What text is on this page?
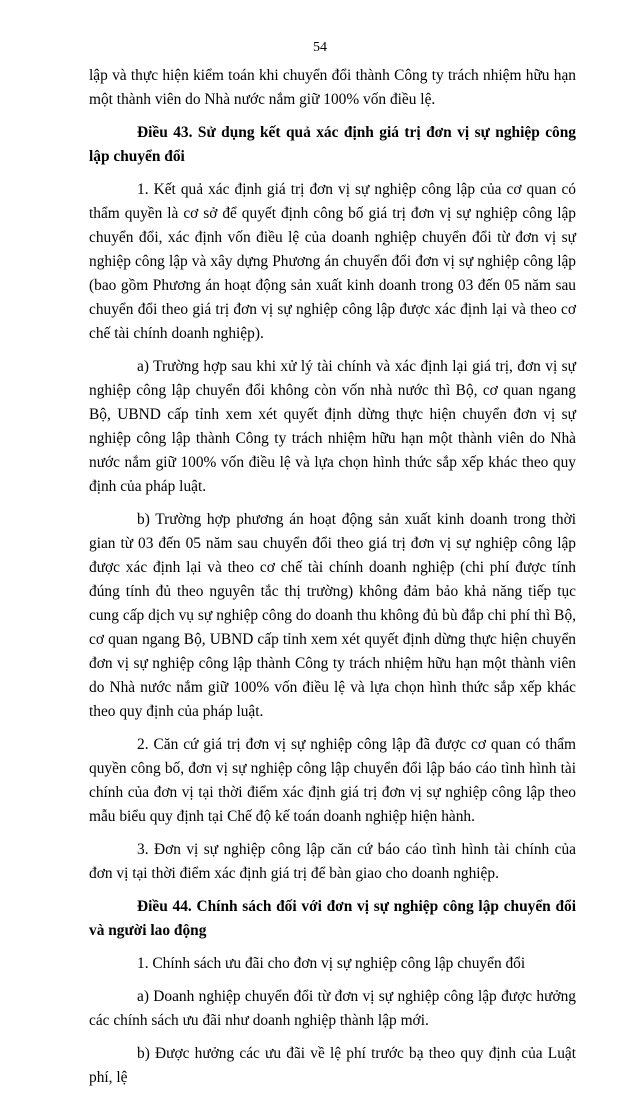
54

lập và thực hiện kiểm toán khi chuyển đổi thành Công ty trách nhiệm hữu hạn một thành viên do Nhà nước nắm giữ 100% vốn điều lệ.

Điều 43. Sử dụng kết quả xác định giá trị đơn vị sự nghiệp công lập chuyển đổi

1. Kết quả xác định giá trị đơn vị sự nghiệp công lập của cơ quan có thẩm quyền là cơ sở để quyết định công bố giá trị đơn vị sự nghiệp công lập chuyển đổi, xác định vốn điều lệ của doanh nghiệp chuyển đổi từ đơn vị sự nghiệp công lập và xây dựng Phương án chuyển đổi đơn vị sự nghiệp công lập (bao gồm Phương án hoạt động sản xuất kinh doanh trong 03 đến 05 năm sau chuyển đổi theo giá trị đơn vị sự nghiệp công lập được xác định lại và theo cơ chế tài chính doanh nghiệp).

a) Trường hợp sau khi xử lý tài chính và xác định lại giá trị, đơn vị sự nghiệp công lập chuyển đổi không còn vốn nhà nước thì Bộ, cơ quan ngang Bộ, UBND cấp tỉnh xem xét quyết định dừng thực hiện chuyển đơn vị sự nghiệp công lập thành Công ty trách nhiệm hữu hạn một thành viên do Nhà nước nắm giữ 100% vốn điều lệ và lựa chọn hình thức sắp xếp khác theo quy định của pháp luật.

b) Trường hợp phương án hoạt động sản xuất kinh doanh trong thời gian từ 03 đến 05 năm sau chuyển đổi theo giá trị đơn vị sự nghiệp công lập được xác định lại và theo cơ chế tài chính doanh nghiệp (chi phí được tính đúng tính đủ theo nguyên tắc thị trường) không đảm bảo khả năng tiếp tục cung cấp dịch vụ sự nghiệp công do doanh thu không đủ bù đắp chi phí thì Bộ, cơ quan ngang Bộ, UBND cấp tỉnh xem xét quyết định dừng thực hiện chuyển đơn vị sự nghiệp công lập thành Công ty trách nhiệm hữu hạn một thành viên do Nhà nước nắm giữ 100% vốn điều lệ và lựa chọn hình thức sắp xếp khác theo quy định của pháp luật.

2. Căn cứ giá trị đơn vị sự nghiệp công lập đã được cơ quan có thẩm quyền công bố, đơn vị sự nghiệp công lập chuyển đổi lập báo cáo tình hình tài chính của đơn vị tại thời điểm xác định giá trị đơn vị sự nghiệp công lập theo mẫu biểu quy định tại Chế độ kế toán doanh nghiệp hiện hành.

3. Đơn vị sự nghiệp công lập căn cứ báo cáo tình hình tài chính của đơn vị tại thời điểm xác định giá trị để bàn giao cho doanh nghiệp.

Điều 44. Chính sách đối với đơn vị sự nghiệp công lập chuyển đổi và người lao động

1. Chính sách ưu đãi cho đơn vị sự nghiệp công lập chuyển đổi

a) Doanh nghiệp chuyển đổi từ đơn vị sự nghiệp công lập được hưởng các chính sách ưu đãi như doanh nghiệp thành lập mới.

b) Được hưởng các ưu đãi về lệ phí trước bạ theo quy định của Luật phí, lệ
